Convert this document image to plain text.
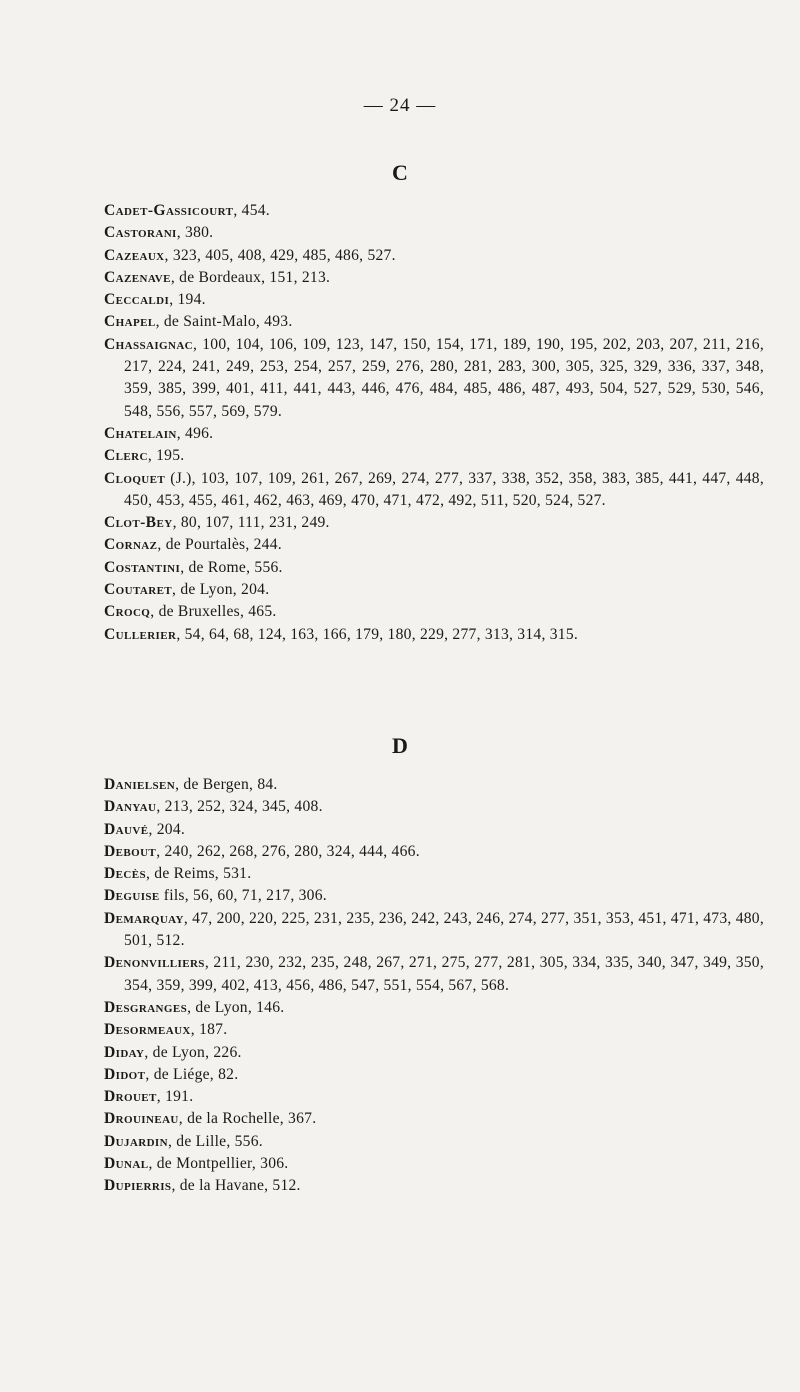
— 24 —
C

Cadet-Gassicourt, 454.

Castorani, 380.

Cazeaux, 323, 405, 408, 429, 485, 486, 527.

Cazenave, de Bordeaux, 151, 213.

Ceccaldi, 194.

Chapel, de Saint-Malo, 493.

Chassaignac, 100, 104, 106, 109, 123, 147, 150, 154, 171, 189, 190, 195, 202, 203, 207, 211, 216, 217, 224, 241, 249, 253, 254, 257, 259, 276, 280, 281, 283, 300, 305, 325, 329, 336, 337, 348, 359, 385, 399, 401, 411, 441, 443, 446, 476, 484, 485, 486, 487, 493, 504, 527, 529, 530, 546, 548, 556, 557, 569, 579.

Chatelain, 496.

Clerc, 195.

Cloquet (J.), 103, 107, 109, 261, 267, 269, 274, 277, 337, 338, 352, 358, 383, 385, 441, 447, 448, 450, 453, 455, 461, 462, 463, 469, 470, 471, 472, 492, 511, 520, 524, 527.

Clot-Bey, 80, 107, 111, 231, 249.

Cornaz, de Pourtalès, 244.

Costantini, de Rome, 556.

Coutaret, de Lyon, 204.

Crocq, de Bruxelles, 465.

Cullerier, 54, 64, 68, 124, 163, 166, 179, 180, 229, 277, 313, 314, 315.

D

Danielsen, de Bergen, 84.

Danyau, 213, 252, 324, 345, 408.

Dauvé, 204.

Debout, 240, 262, 268, 276, 280, 324, 444, 466.

Decès, de Reims, 531.

Deguise fils, 56, 60, 71, 217, 306.

Demarquay, 47, 200, 220, 225, 231, 235, 236, 242, 243, 246, 274, 277, 351, 353, 451, 471, 473, 480, 501, 512.

Denonvilliers, 211, 230, 232, 235, 248, 267, 271, 275, 277, 281, 305, 334, 335, 340, 347, 349, 350, 354, 359, 399, 402, 413, 456, 486, 547, 551, 554, 567, 568.

Desgranges, de Lyon, 146.

Desormeaux, 187.

Diday, de Lyon, 226.

Didot, de Liége, 82.

Drouet, 191.

Drouineau, de la Rochelle, 367.

Dujardin, de Lille, 556.

Dunal, de Montpellier, 306.

Dupierris, de la Havane, 512.
